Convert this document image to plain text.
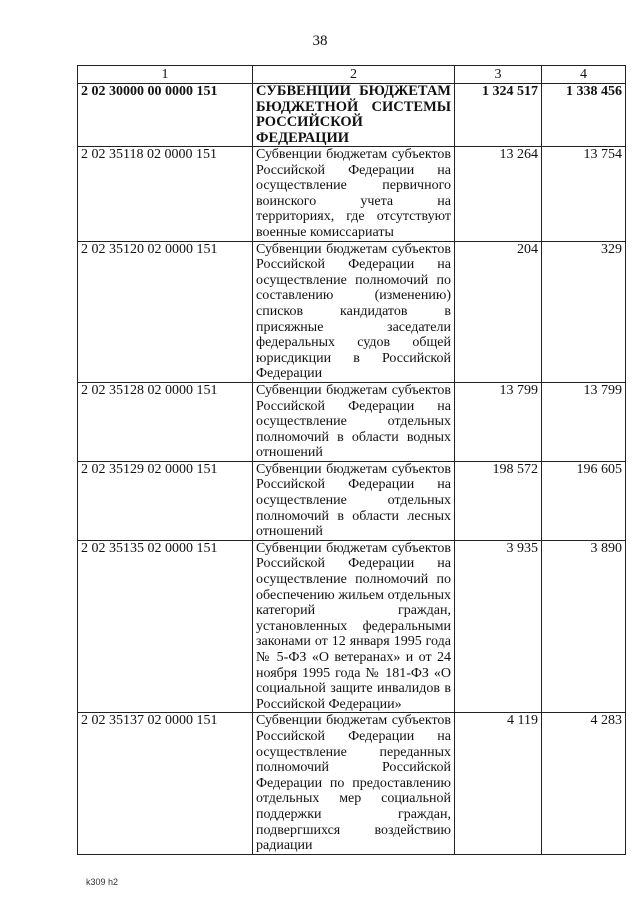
38
1	2	3	4
2 02 30000 00 0000 151	СУБВЕНЦИИ БЮДЖЕТАМ БЮДЖЕТНОЙ СИСТЕМЫ РОССИЙСКОЙ ФЕДЕРАЦИИ	1 324 517	1 338 456
2 02 35118 02 0000 151	Субвенции бюджетам субъектов Российской Федерации на осуществление первичного воинского учета на территориях, где отсутствуют военные комиссариаты	13 264	13 754
2 02 35120 02 0000 151	Субвенции бюджетам субъектов Российской Федерации на осуществление полномочий по составлению (изменению) списков кандидатов в присяжные заседатели федеральных судов общей юрисдикции в Российской Федерации	204	329
2 02 35128 02 0000 151	Субвенции бюджетам субъектов Российской Федерации на осуществление отдельных полномочий в области водных отношений	13 799	13 799
2 02 35129 02 0000 151	Субвенции бюджетам субъектов Российской Федерации на осуществление отдельных полномочий в области лесных отношений	198 572	196 605
2 02 35135 02 0000 151	Субвенции бюджетам субъектов Российской Федерации на осуществление полномочий по обеспечению жильем отдельных категорий граждан, установленных федеральными законами от 12 января 1995 года № 5-ФЗ «О ветеранах» и от 24 ноября 1995 года № 181-ФЗ «О социальной защите инвалидов в Российской Федерации»	3 935	3 890
2 02 35137 02 0000 151	Субвенции бюджетам субъектов Российской Федерации на осуществление переданных полномочий Российской Федерации по предоставлению отдельных мер социальной поддержки граждан, подвергшихся воздействию радиации	4 119	4 283
k309 h2
